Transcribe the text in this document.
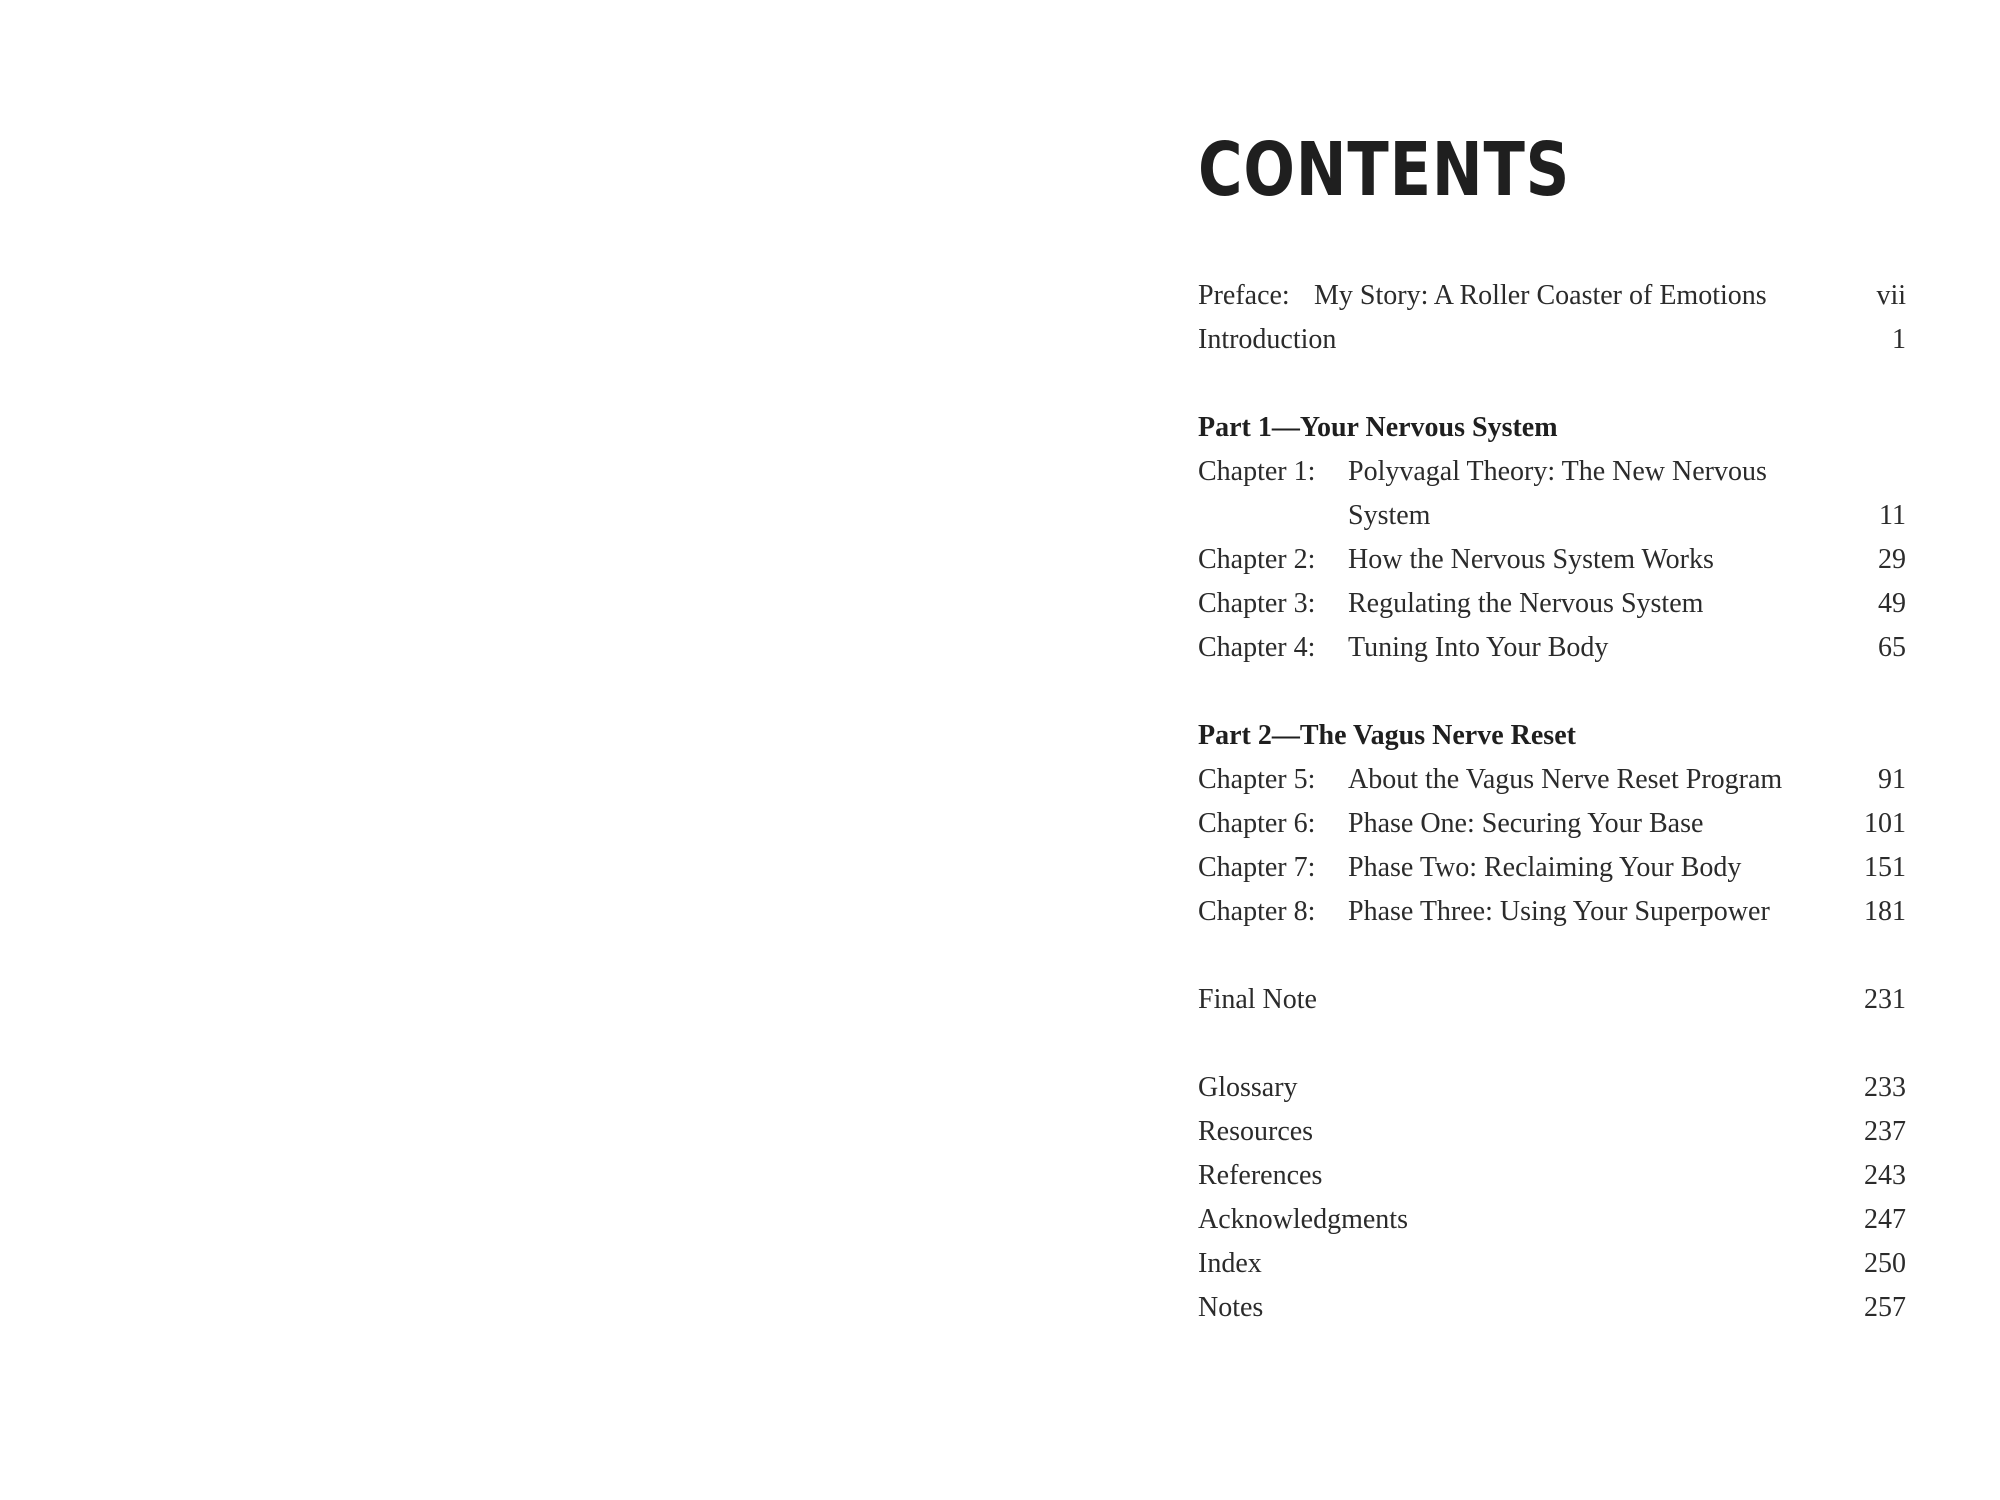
CONTENTS
Preface: My Story: A Roller Coaster of Emotions	vii
Introduction	1
Part 1—Your Nervous System
Chapter 1: Polyvagal Theory: The New Nervous
System	11
Chapter 2: How the Nervous System Works	29
Chapter 3: Regulating the Nervous System	49
Chapter 4: Tuning Into Your Body	65
Part 2—The Vagus Nerve Reset
Chapter 5: About the Vagus Nerve Reset Program	91
Chapter 6: Phase One: Securing Your Base	101
Chapter 7: Phase Two: Reclaiming Your Body	151
Chapter 8: Phase Three: Using Your Superpower	181
Final Note	231
Glossary	233
Resources	237
References	243
Acknowledgments	247
Index	250
Notes	257
